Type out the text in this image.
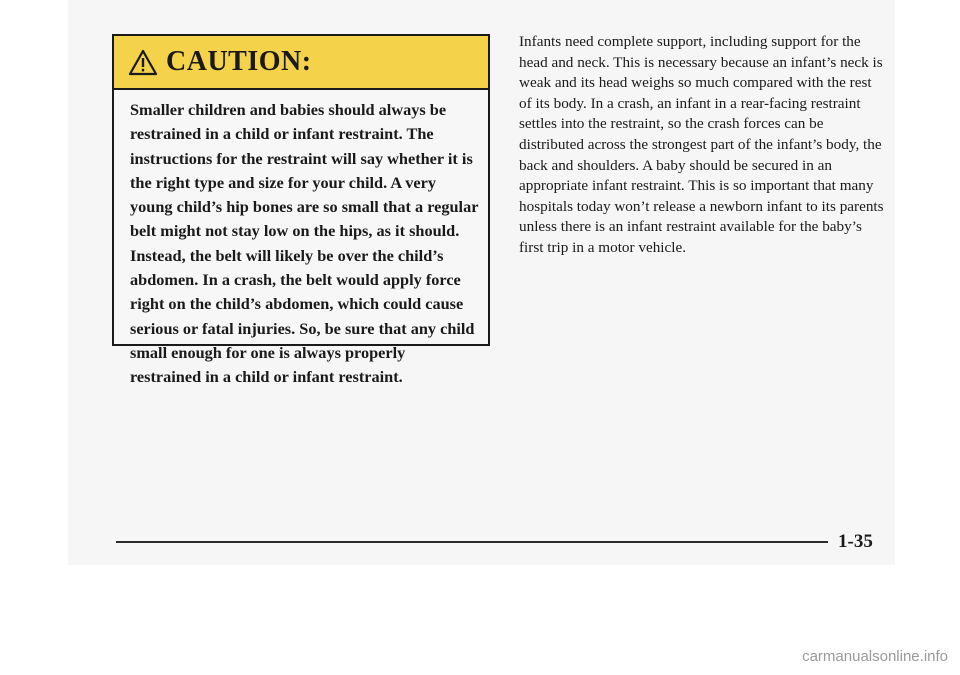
CAUTION:
Smaller children and babies should always be restrained in a child or infant restraint. The instructions for the restraint will say whether it is the right type and size for your child. A very young child’s hip bones are so small that a regular belt might not stay low on the hips, as it should. Instead, the belt will likely be over the child’s abdomen. In a crash, the belt would apply force right on the child’s abdomen, which could cause serious or fatal injuries. So, be sure that any child small enough for one is always properly restrained in a child or infant restraint.
Infants need complete support, including support for the head and neck. This is necessary because an infant’s neck is weak and its head weighs so much compared with the rest of its body. In a crash, an infant in a rear-facing restraint settles into the restraint, so the crash forces can be distributed across the strongest part of the infant’s body, the back and shoulders. A baby should be secured in an appropriate infant restraint. This is so important that many hospitals today won’t release a newborn infant to its parents unless there is an infant restraint available for the baby’s first trip in a motor vehicle.
1-35
carmanualsonline.info
